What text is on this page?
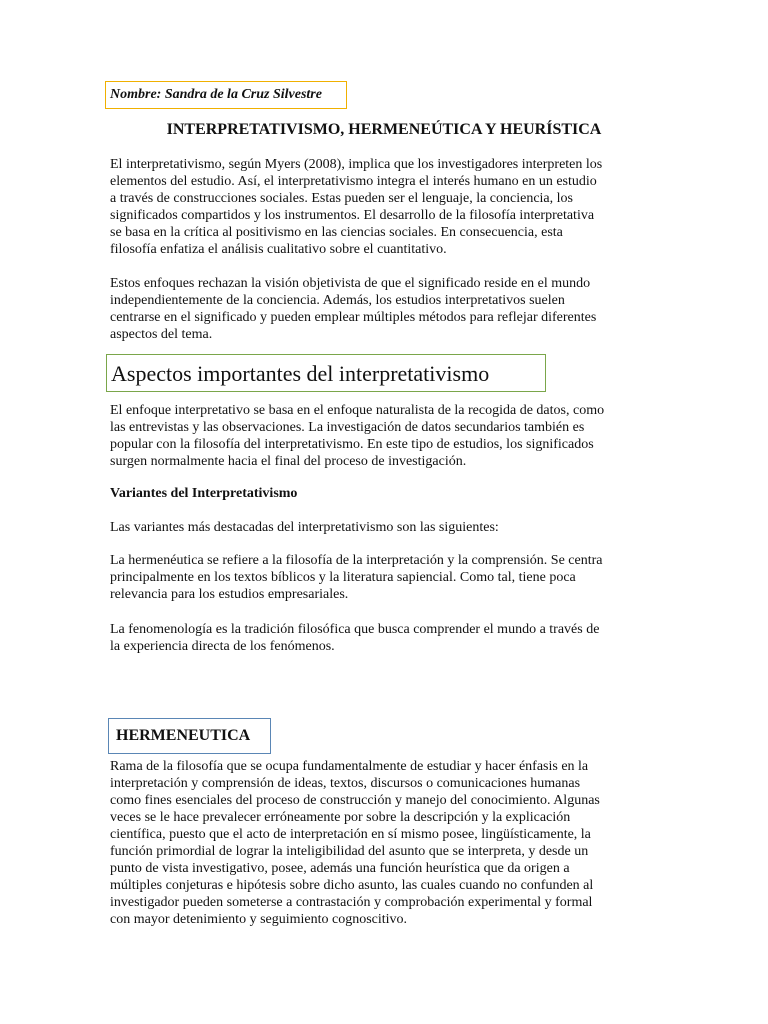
Nombre: Sandra de la Cruz Silvestre
INTERPRETATIVISMO, HERMENEÚTICA Y HEURÍSTICA

El interpretativismo, según Myers (2008), implica que los investigadores interpreten los
elementos del estudio. Así, el interpretativismo integra el interés humano en un estudio
a través de construcciones sociales. Estas pueden ser el lenguaje, la conciencia, los
significados compartidos y los instrumentos. El desarrollo de la filosofía interpretativa
se basa en la crítica al positivismo en las ciencias sociales. En consecuencia, esta
filosofía enfatiza el análisis cualitativo sobre el cuantitativo.

Estos enfoques rechazan la visión objetivista de que el significado reside en el mundo
independientemente de la conciencia. Además, los estudios interpretativos suelen
centrarse en el significado y pueden emplear múltiples métodos para reflejar diferentes
aspectos del tema.

Aspectos importantes del interpretativismo

El enfoque interpretativo se basa en el enfoque naturalista de la recogida de datos, como
las entrevistas y las observaciones. La investigación de datos secundarios también es
popular con la filosofía del interpretativismo. En este tipo de estudios, los significados
surgen normalmente hacia el final del proceso de investigación.

Variantes del Interpretativismo

Las variantes más destacadas del interpretativismo son las siguientes:

La hermenéutica se refiere a la filosofía de la interpretación y la comprensión. Se centra
principalmente en los textos bíblicos y la literatura sapiencial. Como tal, tiene poca
relevancia para los estudios empresariales.

La fenomenología es la tradición filosófica que busca comprender el mundo a través de
la experiencia directa de los fenómenos.

HERMENEUTICA

Rama de la filosofía que se ocupa fundamentalmente de estudiar y hacer énfasis en la
interpretación y comprensión de ideas, textos, discursos o comunicaciones humanas
como fines esenciales del proceso de construcción y manejo del conocimiento. Algunas
veces se le hace prevalecer erróneamente por sobre la descripción y la explicación
científica, puesto que el acto de interpretación en sí mismo posee, lingüísticamente, la
función primordial de lograr la inteligibilidad del asunto que se interpreta, y desde un
punto de vista investigativo, posee, además una función heurística que da origen a
múltiples conjeturas e hipótesis sobre dicho asunto, las cuales cuando no confunden al
investigador pueden someterse a contrastación y comprobación experimental y formal
con mayor detenimiento y seguimiento cognoscitivo.
